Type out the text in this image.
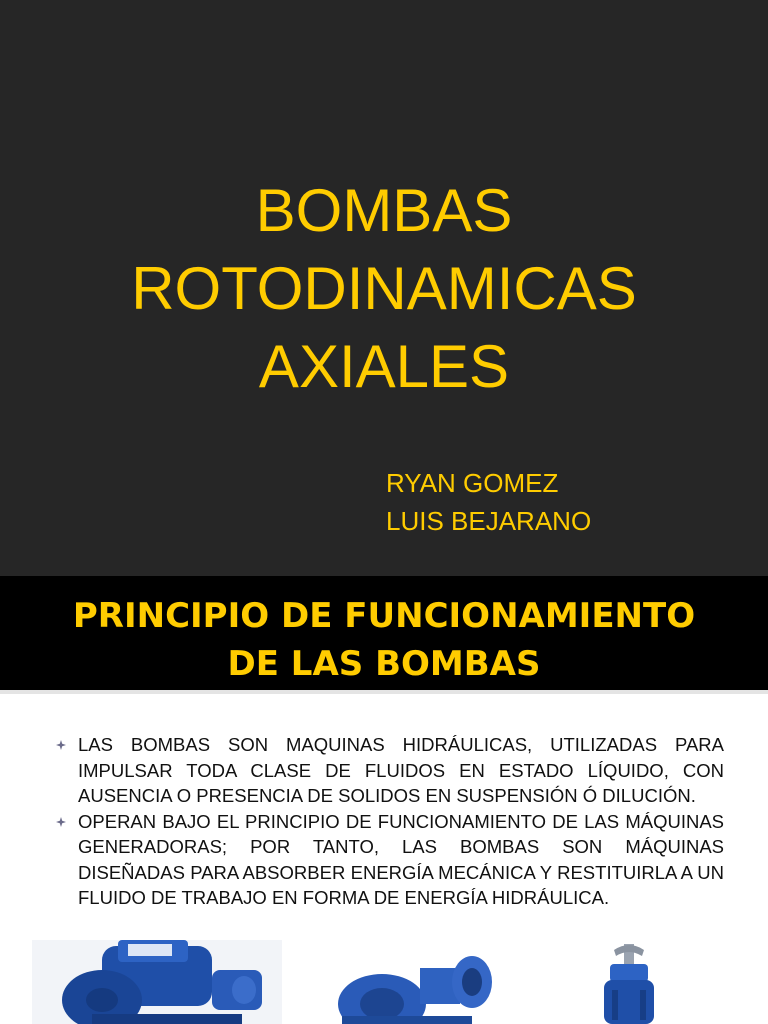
BOMBAS
ROTODINAMICAS
AXIALES
RYAN GOMEZ
LUIS BEJARANO
PRINCIPIO DE FUNCIONAMIENTO
DE LAS BOMBAS
LAS BOMBAS SON MAQUINAS HIDRÁULICAS, UTILIZADAS PARA IMPULSAR TODA CLASE DE FLUIDOS EN ESTADO LÍQUIDO, CON AUSENCIA O PRESENCIA DE SOLIDOS EN SUSPENSIÓN Ó DILUCIÓN.
OPERAN BAJO EL PRINCIPIO DE FUNCIONAMIENTO DE LAS MÁQUINAS GENERADORAS; POR TANTO, LAS BOMBAS SON MÁQUINAS DISEÑADAS PARA ABSORBER ENERGÍA MECÁNICA Y RESTITUIRLA A UN FLUIDO DE TRABAJO EN FORMA DE ENERGÍA HIDRÁULICA.
